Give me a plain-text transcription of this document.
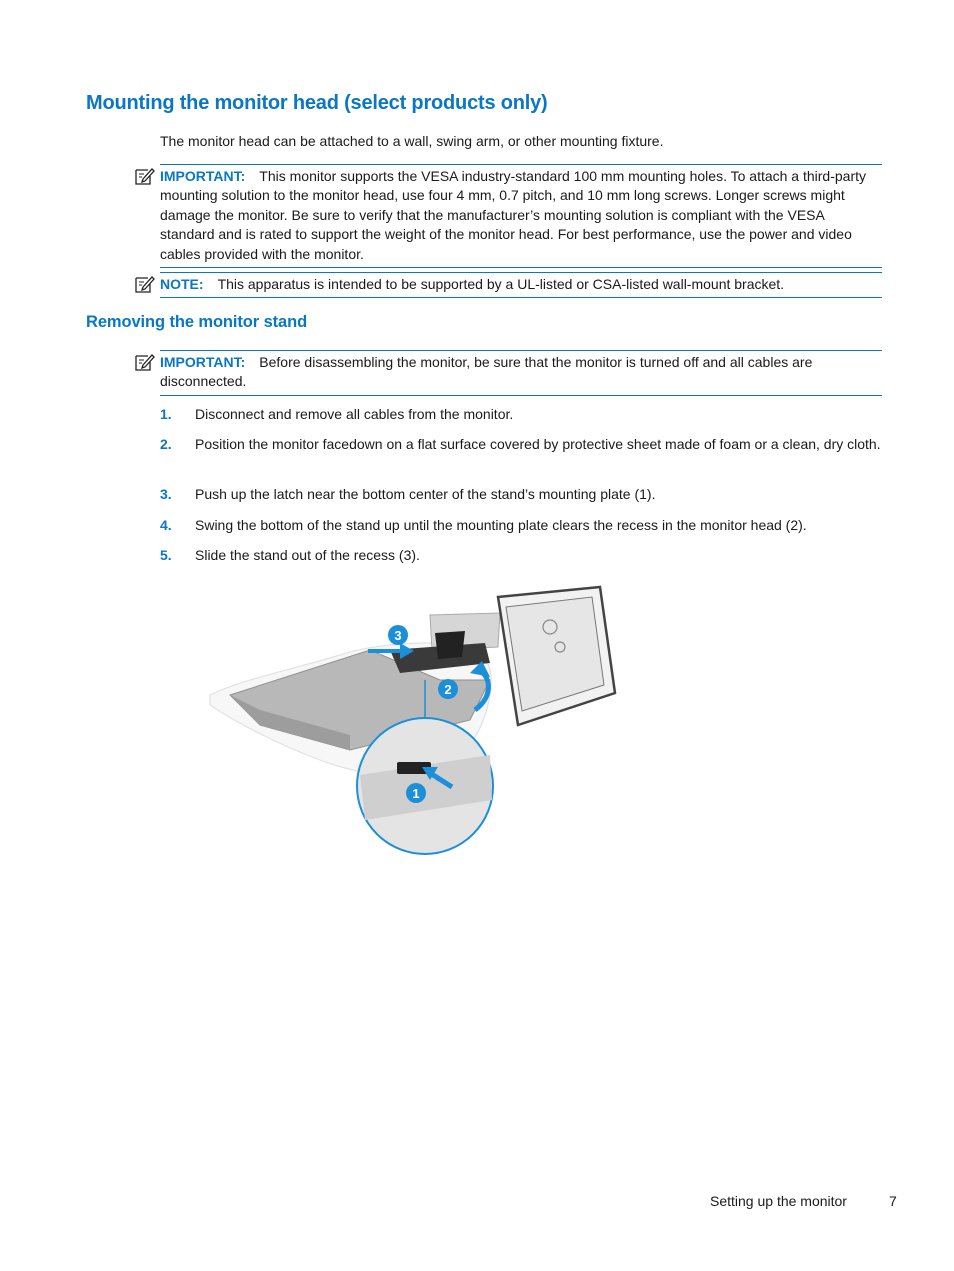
Mounting the monitor head (select products only)
The monitor head can be attached to a wall, swing arm, or other mounting fixture.
IMPORTANT: This monitor supports the VESA industry-standard 100 mm mounting holes. To attach a third-party mounting solution to the monitor head, use four 4 mm, 0.7 pitch, and 10 mm long screws. Longer screws might damage the monitor. Be sure to verify that the manufacturer’s mounting solution is compliant with the VESA standard and is rated to support the weight of the monitor head. For best performance, use the power and video cables provided with the monitor.
NOTE: This apparatus is intended to be supported by a UL-listed or CSA-listed wall-mount bracket.
Removing the monitor stand
IMPORTANT: Before disassembling the monitor, be sure that the monitor is turned off and all cables are disconnected.
1. Disconnect and remove all cables from the monitor.
2. Position the monitor facedown on a flat surface covered by protective sheet made of foam or a clean, dry cloth.
3. Push up the latch near the bottom center of the stand’s mounting plate (1).
4. Swing the bottom of the stand up until the mounting plate clears the recess in the monitor head (2).
5. Slide the stand out of the recess (3).
3
2
1
Setting up the monitor	7
